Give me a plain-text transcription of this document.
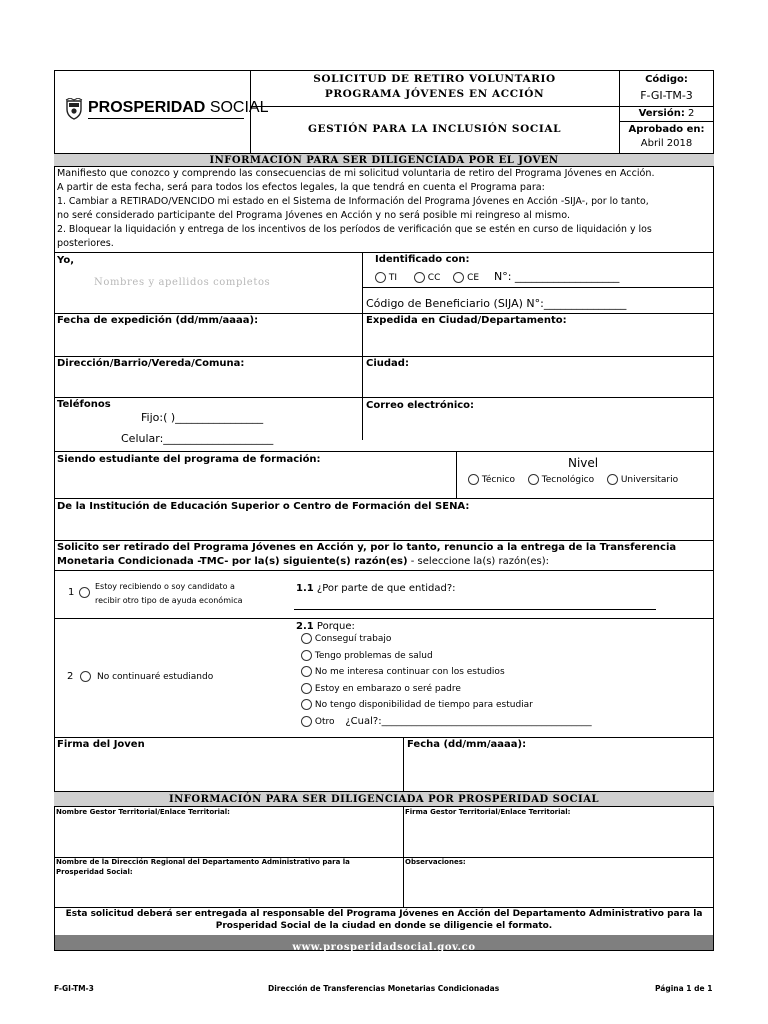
PROSPERIDAD SOCIAL
SOLICITUD DE RETIRO VOLUNTARIO
PROGRAMA JÓVENES EN ACCIÓN
GESTIÓN PARA LA INCLUSIÓN SOCIAL
Código:
F-GI-TM-3
Versión: 2
Aprobado en:
Abril 2018
INFORMACIÓN PARA SER DILIGENCIADA POR EL JOVEN
Manifiesto que conozco y comprendo las consecuencias de mi solicitud voluntaria de retiro del Programa Jóvenes en Acción.
A partir de esta fecha, será para todos los efectos legales, la que tendrá en cuenta el Programa para:
1. Cambiar a RETIRADO/VENCIDO mi estado en el Sistema de Información del Programa Jóvenes en Acción -SIJA-, por lo tanto,
no seré considerado participante del Programa Jóvenes en Acción y no será posible mi reingreso al mismo.
2. Bloquear la liquidación y entrega de los incentivos de los períodos de verificación que se estén en curso de liquidación y los
posteriores.
Yo,
Nombres y apellidos completos
Identificado con:
TI	CC	CE N°: ___________________
Código de Beneficiario (SIJA) N°:_______________
Fecha de expedición (dd/mm/aaaa):	Expedida en Ciudad/Departamento:
Dirección/Barrio/Vereda/Comuna:	Ciudad:
Teléfonos
Fijo:( )________________
Celular:____________________
Correo electrónico:
Siendo estudiante del programa de formación:	Nivel
Técnico	Tecnológico	Universitario
De la Institución de Educación Superior o Centro de Formación del SENA:
Solicito ser retirado del Programa Jóvenes en Acción y, por lo tanto, renuncio a la entrega de la Transferencia
Monetaria Condicionada -TMC- por la(s) siguiente(s) razón(es) - seleccione la(s) razón(es):
1
Estoy recibiendo o soy candidato a
recibir otro tipo de ayuda económica
1.1 ¿Por parte de que entidad?:
2	No continuaré estudiando
2.1 Porque:
Conseguí trabajo
Tengo problemas de salud
No me interesa continuar con los estudios
Estoy en embarazo o seré padre
No tengo disponibilidad de tiempo para estudiar
Otro ¿Cual?:__________________________________________
Firma del Joven	Fecha (dd/mm/aaaa):
INFORMACIÓN PARA SER DILIGENCIADA POR PROSPERIDAD SOCIAL
Nombre Gestor Territorial/Enlace Territorial:	Firma Gestor Territorial/Enlace Territorial:
Nombre de la Dirección Regional del Departamento Administrativo para la
Prosperidad Social:
Observaciones:
Esta solicitud deberá ser entregada al responsable del Programa Jóvenes en Acción del Departamento Administrativo para la
Prosperidad Social de la ciudad en donde se diligencie el formato.
www.prosperidadsocial.gov.co
F-GI-TM-3	Dirección de Transferencias Monetarias Condicionadas	Página 1 de 1
